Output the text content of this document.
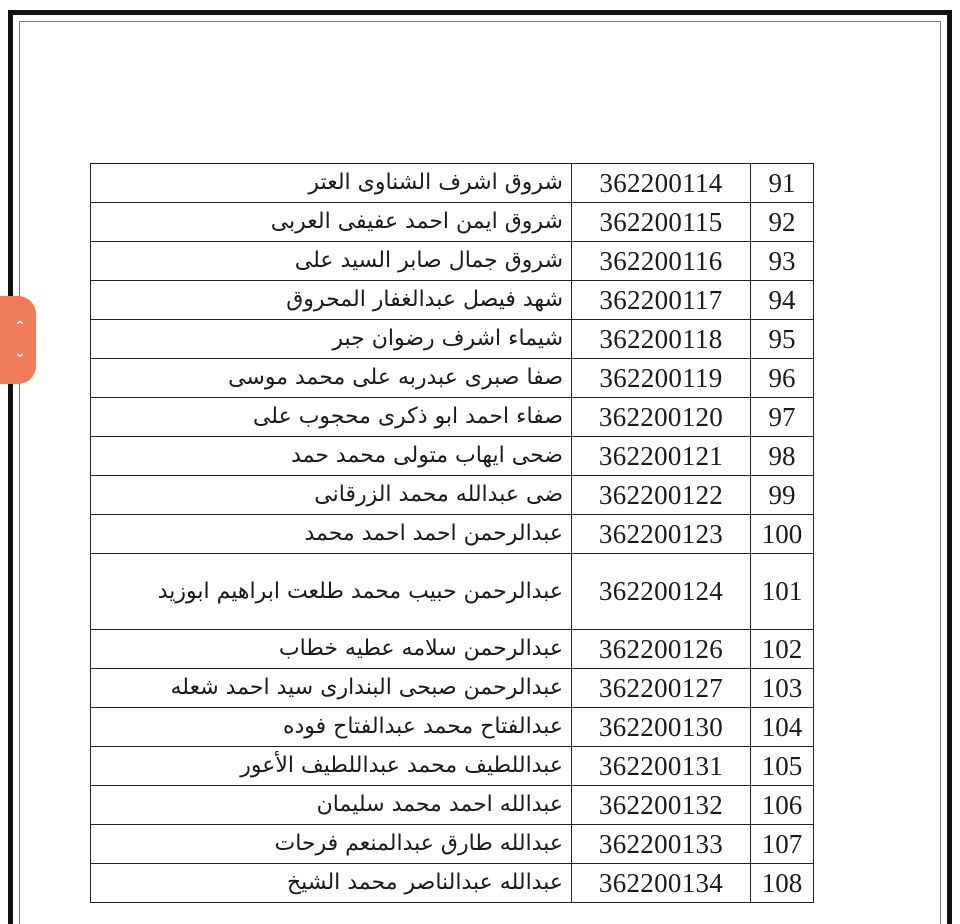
⌃
⌄
91	362200114	شروق اشرف الشناوى العتر
92	362200115	شروق ايمن احمد عفيفى العربى
93	362200116	شروق جمال صابر السيد على
94	362200117	شهد فيصل عبدالغفار المحروق
95	362200118	شيماء اشرف رضوان جبر
96	362200119	صفا صبرى عبدربه على محمد موسى
97	362200120	صفاء احمد ابو ذكرى محجوب على
98	362200121	ضحى ايهاب متولى محمد حمد
99	362200122	ضى عبدالله محمد الزرقانى
100	362200123	عبدالرحمن احمد احمد محمد
101	362200124	عبدالرحمن حبيب محمد طلعت ابراهيم ابوزيد
102	362200126	عبدالرحمن سلامه عطيه خطاب
103	362200127	عبدالرحمن صبحى البندارى سيد احمد شعله
104	362200130	عبدالفتاح محمد عبدالفتاح فوده
105	362200131	عبداللطيف محمد عبداللطيف الأعور
106	362200132	عبدالله احمد محمد سليمان
107	362200133	عبدالله طارق عبدالمنعم فرحات
108	362200134	عبدالله عبدالناصر محمد الشيخ
